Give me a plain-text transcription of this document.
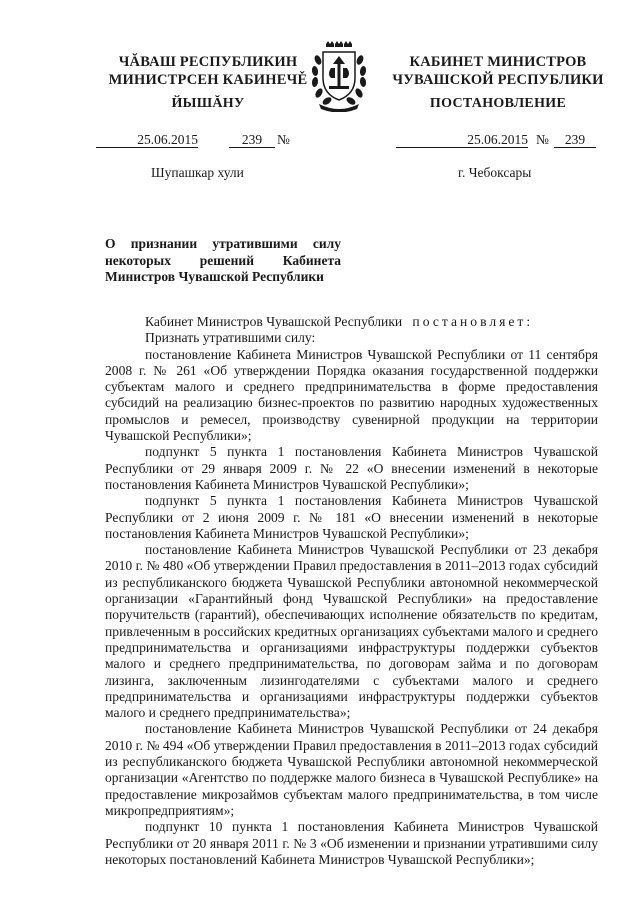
ЧĂВАШ РЕСПУБЛИКИН
МИНИСТРСЕН КАБИНЕЧĚ
КАБИНЕТ МИНИСТРОВ
ЧУВАШСКОЙ РЕСПУБЛИКИ
ЙЫШĂНУ	ПОСТАНОВЛЕНИЕ
25.06.2015	239	№	25.06.2015 №	239
Шупашкар хули	г. Чебоксары
О признании утратившими силу некоторых решений Кабинета Министров Чувашской Республики

Кабинет Министров Чувашской Республики постановляет:

Признать утратившими силу:

постановление Кабинета Министров Чувашской Республики от 11 сентября 2008 г. № 261 «Об утверждении Порядка оказания государственной поддержки субъектам малого и среднего предпринимательства в форме предоставления субсидий на реализацию бизнес-проектов по развитию народных художественных промыслов и ремесел, производству сувенирной продукции на территории Чувашской Республики»;

подпункт 5 пункта 1 постановления Кабинета Министров Чувашской Республики от 29 января 2009 г. № 22 «О внесении изменений в некоторые постановления Кабинета Министров Чувашской Республики»;

подпункт 5 пункта 1 постановления Кабинета Министров Чувашской Республики от 2 июня 2009 г. № 181 «О внесении изменений в некоторые постановления Кабинета Министров Чувашской Республики»;

постановление Кабинета Министров Чувашской Республики от 23 декабря 2010 г. № 480 «Об утверждении Правил предоставления в 2011–2013 годах субсидий из республиканского бюджета Чувашской Республики автономной некоммерческой организации «Гарантийный фонд Чувашской Республики» на предоставление поручительств (гарантий), обеспечивающих исполнение обязательств по кредитам, привлеченным в российских кредитных организациях субъектами малого и среднего предпринимательства и организациями инфраструктуры поддержки субъектов малого и среднего предпринимательства, по договорам займа и по договорам лизинга, заключенным лизингодателями с субъектами малого и среднего предпринимательства и организациями инфраструктуры поддержки субъектов малого и среднего предпринимательства»;

постановление Кабинета Министров Чувашской Республики от 24 декабря 2010 г. № 494 «Об утверждении Правил предоставления в 2011–2013 годах субсидий из республиканского бюджета Чувашской Республики автономной некоммерческой организации «Агентство по поддержке малого бизнеса в Чувашской Республике» на предоставление микрозаймов субъектам малого предпринимательства, в том числе микропредприятиям»;

подпункт 10 пункта 1 постановления Кабинета Министров Чувашской Республики от 20 января 2011 г. № 3 «Об изменении и признании утратившими силу некоторых постановлений Кабинета Министров Чувашской Республики»;
